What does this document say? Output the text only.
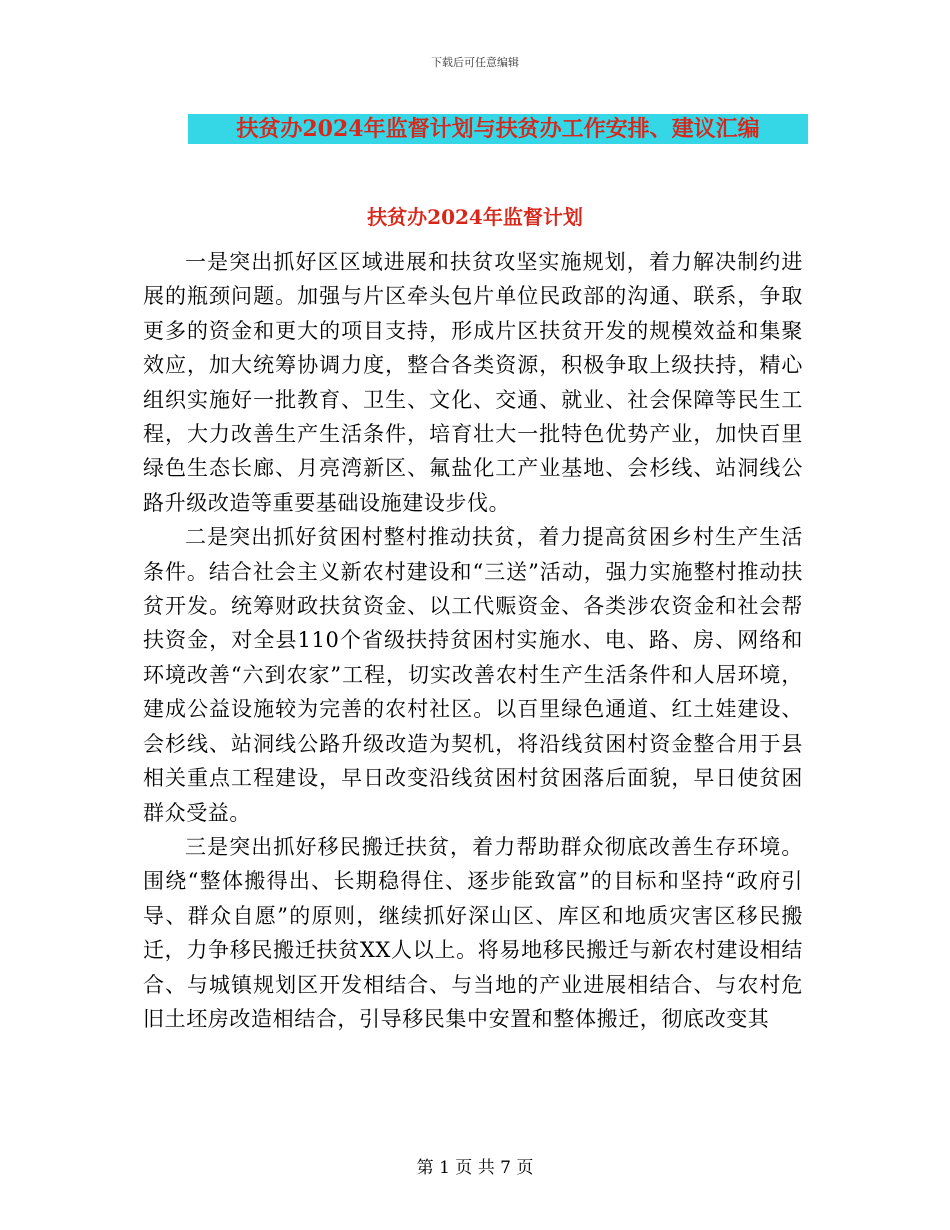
下载后可任意编辑
扶贫办2024年监督计划与扶贫办工作安排、建议汇编
扶贫办2024年监督计划

一是突出抓好区区域进展和扶贫攻坚实施规划，着力解决制约进展的瓶颈问题。加强与片区牵头包片单位民政部的沟通、联系，争取更多的资金和更大的项目支持，形成片区扶贫开发的规模效益和集聚效应，加大统筹协调力度，整合各类资源，积极争取上级扶持，精心组织实施好一批教育、卫生、文化、交通、就业、社会保障等民生工程，大力改善生产生活条件，培育壮大一批特色优势产业，加快百里绿色生态长廊、月亮湾新区、氟盐化工产业基地、会杉线、站洞线公路升级改造等重要基础设施建设步伐。

二是突出抓好贫困村整村推动扶贫，着力提高贫困乡村生产生活条件。结合社会主义新农村建设和“三送”活动，强力实施整村推动扶贫开发。统筹财政扶贫资金、以工代赈资金、各类涉农资金和社会帮扶资金，对全县110个省级扶持贫困村实施水、电、路、房、网络和环境改善“六到农家”工程，切实改善农村生产生活条件和人居环境，建成公益设施较为完善的农村社区。以百里绿色通道、红土娃建设、会杉线、站洞线公路升级改造为契机，将沿线贫困村资金整合用于县相关重点工程建设，早日改变沿线贫困村贫困落后面貌，早日使贫困群众受益。

三是突出抓好移民搬迁扶贫，着力帮助群众彻底改善生存环境。围绕“整体搬得出、长期稳得住、逐步能致富”的目标和坚持“政府引导、群众自愿”的原则，继续抓好深山区、库区和地质灾害区移民搬迁，力争移民搬迁扶贫XX人以上。将易地移民搬迁与新农村建设相结合、与城镇规划区开发相结合、与当地的产业进展相结合、与农村危旧土坯房改造相结合，引导移民集中安置和整体搬迁，彻底改变其

第 1 页 共 7 页
